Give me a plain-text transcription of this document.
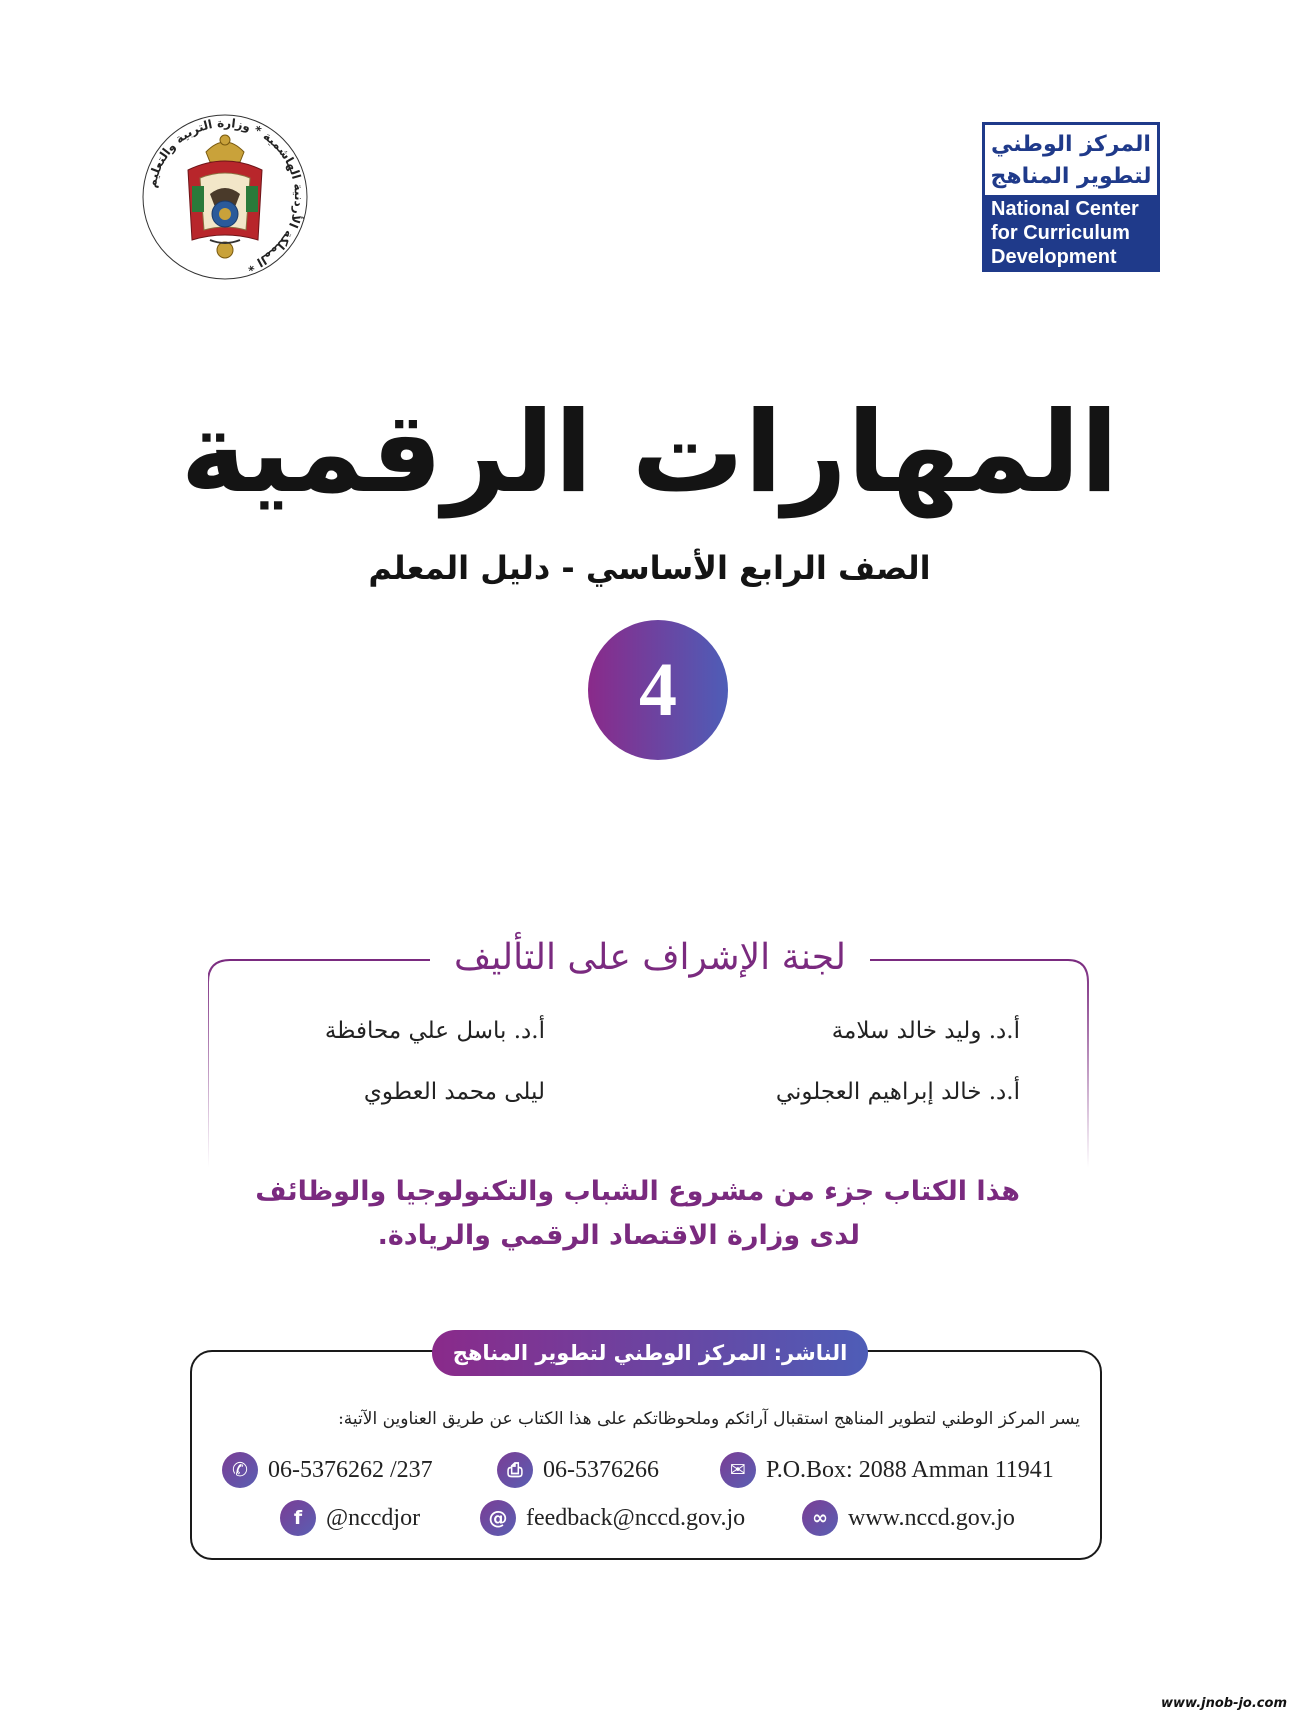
المملكة الأردنية الهاشمية * وزارة التربية والتعليم *
المركز الوطني
لتطوير المناهج
National Center
for Curriculum
Development
المهارات الرقمية
الصف الرابع الأساسي - دليل المعلم
4
لجنة الإشراف على التأليف
أ.د. وليد خالد سلامة
أ.د. باسل علي محافظة
أ.د. خالد إبراهيم العجلوني
ليلى محمد العطوي
هذا الكتاب جزء من مشروع الشباب والتكنولوجيا والوظائف
لدى وزارة الاقتصاد الرقمي والريادة.
الناشر: المركز الوطني لتطوير المناهج
يسر المركز الوطني لتطوير المناهج استقبال آرائكم وملحوظاتكم على هذا الكتاب عن طريق العناوين الآتية:
✆ 06-5376262 /237	⎙ 06-5376266	✉ P.O.Box: 2088 Amman 11941
f @nccdjor	@ feedback@nccd.gov.jo	∞ www.nccd.gov.jo
www.jnob-jo.com
